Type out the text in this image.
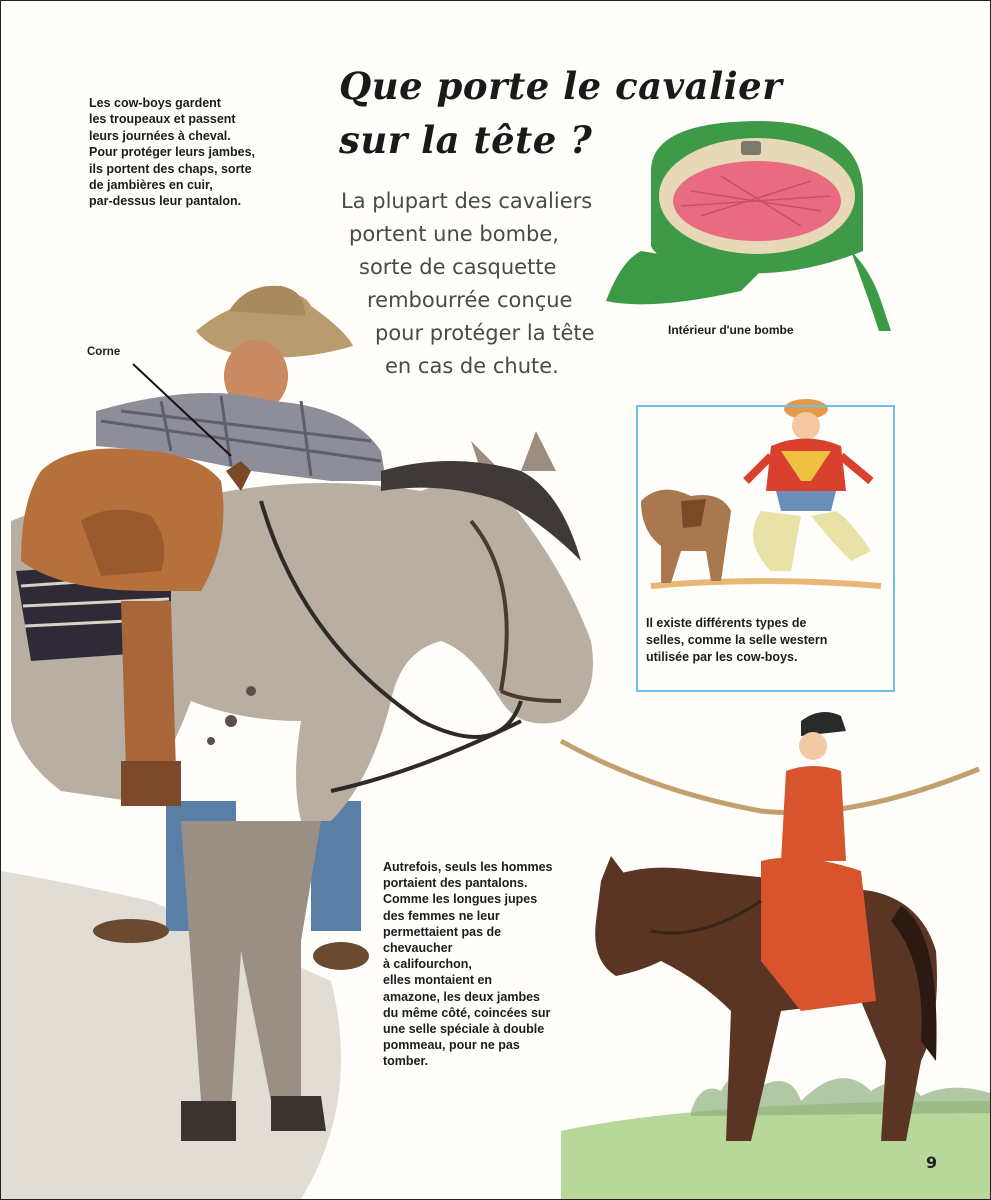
Que porte le cavalier
sur la tête ?

La plupart des cavaliers
portent une bombe,
sorte de casquette
rembourrée conçue
pour protéger la tête
en cas de chute.

Les cow-boys gardent
les troupeaux et passent
leurs journées à cheval.
Pour protéger leurs jambes,
ils portent des chaps, sorte
de jambières en cuir,
par-dessus leur pantalon.

Corne
Intérieur d'une bombe

Il existe différents types de
selles, comme la selle western
utilisée par les cow-boys.

Autrefois, seuls les hommes
portaient des pantalons.
Comme les longues jupes
des femmes ne leur
permettaient pas de
chevaucher
à califourchon,
elles montaient en
amazone, les deux jambes
du même côté, coincées sur
une selle spéciale à double
pommeau, pour ne pas
tomber.

9
